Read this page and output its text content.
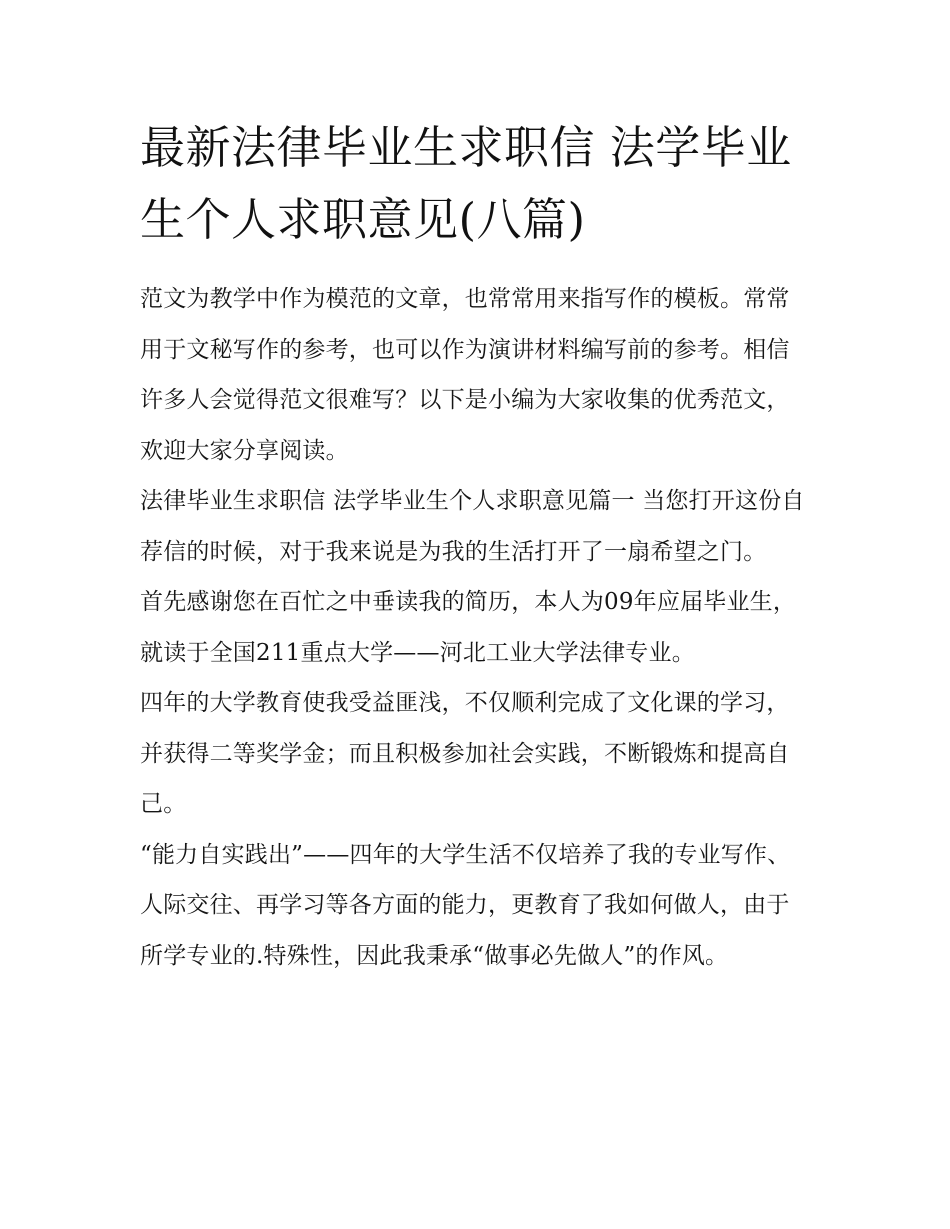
最新法律毕业生求职信 法学毕业生个人求职意见(八篇)

范文为教学中作为模范的文章，也常常用来指写作的模板。常常用于文秘写作的参考，也可以作为演讲材料编写前的参考。相信许多人会觉得范文很难写？以下是小编为大家收集的优秀范文，欢迎大家分享阅读。

法律毕业生求职信 法学毕业生个人求职意见篇一 当您打开这份自荐信的时候，对于我来说是为我的生活打开了一扇希望之门。

首先感谢您在百忙之中垂读我的简历，本人为09年应届毕业生，就读于全国211重点大学——河北工业大学法律专业。

四年的大学教育使我受益匪浅，不仅顺利完成了文化课的学习，并获得二等奖学金；而且积极参加社会实践，不断锻炼和提高自己。

“能力自实践出”——四年的大学生活不仅培养了我的专业写作、人际交往、再学习等各方面的能力，更教育了我如何做人，由于所学专业的.特殊性，因此我秉承“做事必先做人”的作风。
